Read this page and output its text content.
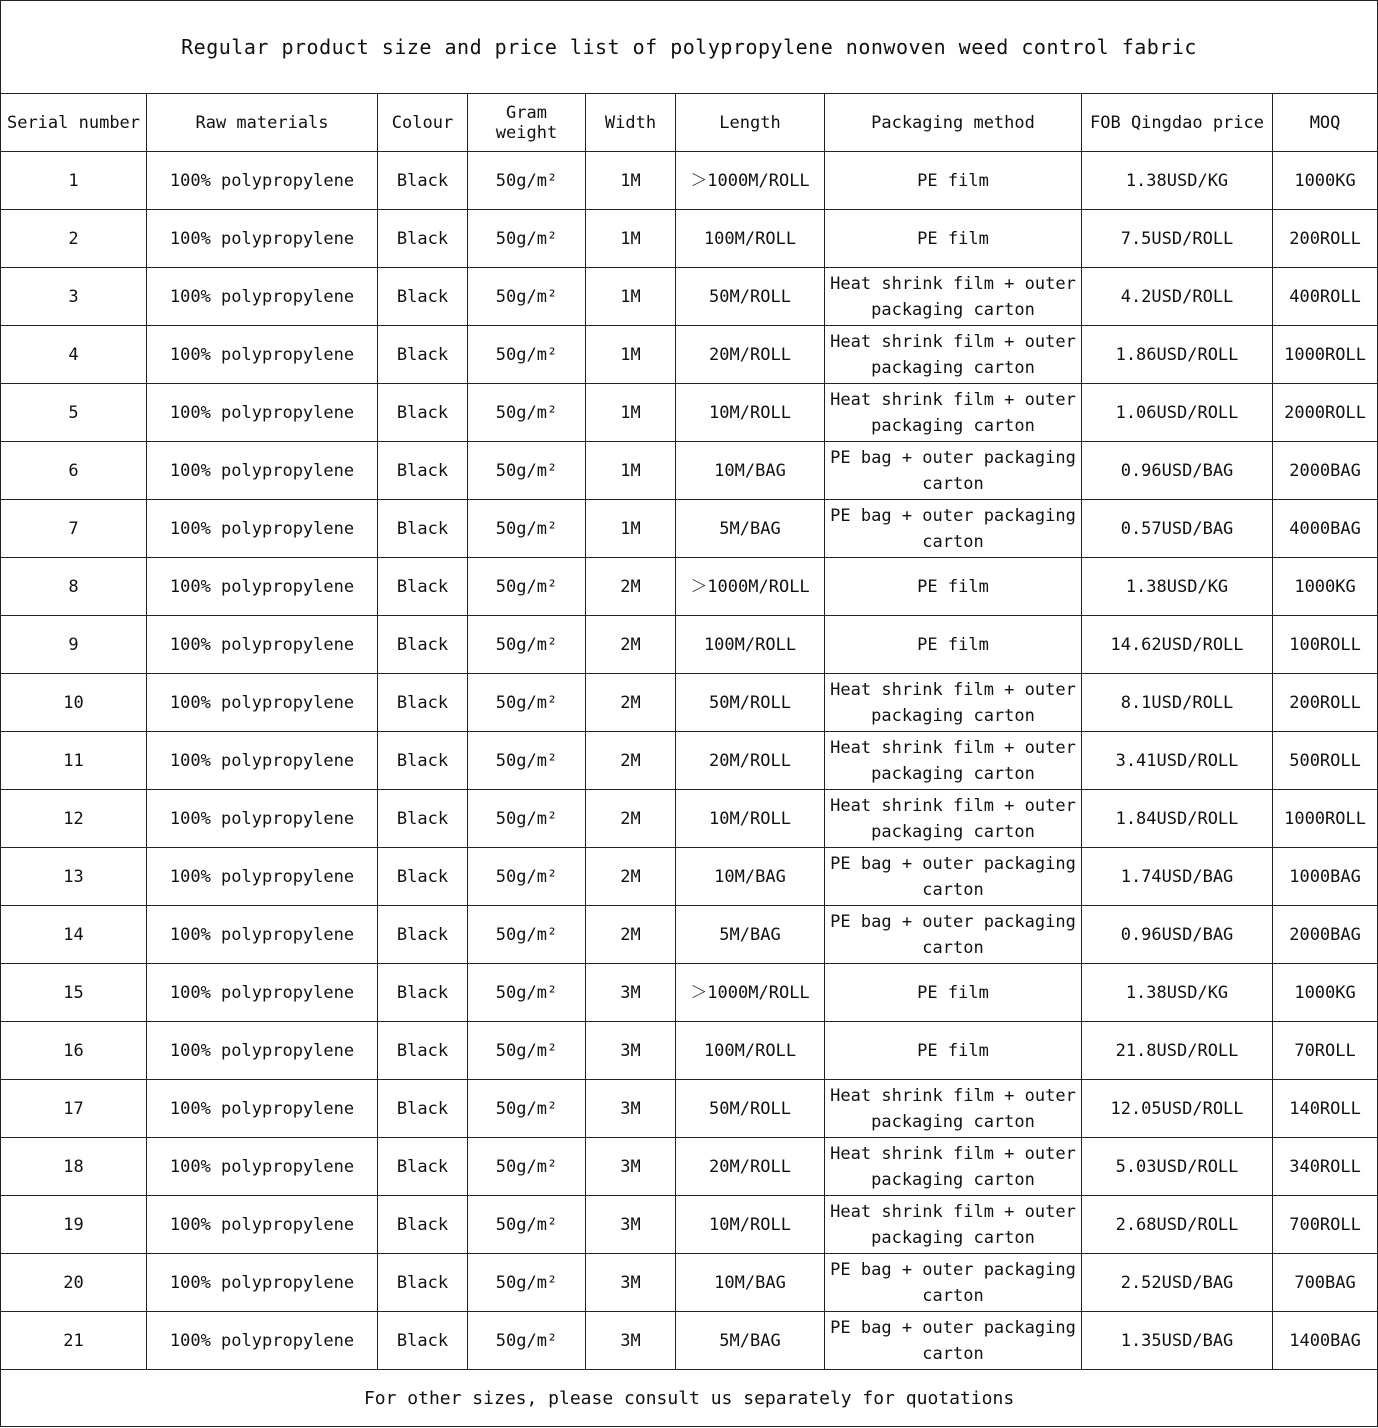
Regular product size and price list of polypropylene nonwoven weed control fabric								
Serial number	Raw materials	Colour	Gram weight	Width	Length	Packaging method	FOB Qingdao price	MOQ
1	100% polypropylene	Black	50g/m²	1M	＞1000M/ROLL	PE film	1.38USD/KG	1000KG
2	100% polypropylene	Black	50g/m²	1M	100M/ROLL	PE film	7.5USD/ROLL	200ROLL
3	100% polypropylene	Black	50g/m²	1M	50M/ROLL	Heat shrink film + outer packaging carton	4.2USD/ROLL	400ROLL
4	100% polypropylene	Black	50g/m²	1M	20M/ROLL	Heat shrink film + outer packaging carton	1.86USD/ROLL	1000ROLL
5	100% polypropylene	Black	50g/m²	1M	10M/ROLL	Heat shrink film + outer packaging carton	1.06USD/ROLL	2000ROLL
6	100% polypropylene	Black	50g/m²	1M	10M/BAG	PE bag + outer packaging carton	0.96USD/BAG	2000BAG
7	100% polypropylene	Black	50g/m²	1M	5M/BAG	PE bag + outer packaging carton	0.57USD/BAG	4000BAG
8	100% polypropylene	Black	50g/m²	2M	＞1000M/ROLL	PE film	1.38USD/KG	1000KG
9	100% polypropylene	Black	50g/m²	2M	100M/ROLL	PE film	14.62USD/ROLL	100ROLL
10	100% polypropylene	Black	50g/m²	2M	50M/ROLL	Heat shrink film + outer packaging carton	8.1USD/ROLL	200ROLL
11	100% polypropylene	Black	50g/m²	2M	20M/ROLL	Heat shrink film + outer packaging carton	3.41USD/ROLL	500ROLL
12	100% polypropylene	Black	50g/m²	2M	10M/ROLL	Heat shrink film + outer packaging carton	1.84USD/ROLL	1000ROLL
13	100% polypropylene	Black	50g/m²	2M	10M/BAG	PE bag + outer packaging carton	1.74USD/BAG	1000BAG
14	100% polypropylene	Black	50g/m²	2M	5M/BAG	PE bag + outer packaging carton	0.96USD/BAG	2000BAG
15	100% polypropylene	Black	50g/m²	3M	＞1000M/ROLL	PE film	1.38USD/KG	1000KG
16	100% polypropylene	Black	50g/m²	3M	100M/ROLL	PE film	21.8USD/ROLL	70ROLL
17	100% polypropylene	Black	50g/m²	3M	50M/ROLL	Heat shrink film + outer packaging carton	12.05USD/ROLL	140ROLL
18	100% polypropylene	Black	50g/m²	3M	20M/ROLL	Heat shrink film + outer packaging carton	5.03USD/ROLL	340ROLL
19	100% polypropylene	Black	50g/m²	3M	10M/ROLL	Heat shrink film + outer packaging carton	2.68USD/ROLL	700ROLL
20	100% polypropylene	Black	50g/m²	3M	10M/BAG	PE bag + outer packaging carton	2.52USD/BAG	700BAG
21	100% polypropylene	Black	50g/m²	3M	5M/BAG	PE bag + outer packaging carton	1.35USD/BAG	1400BAG
For other sizes, please consult us separately for quotations								
